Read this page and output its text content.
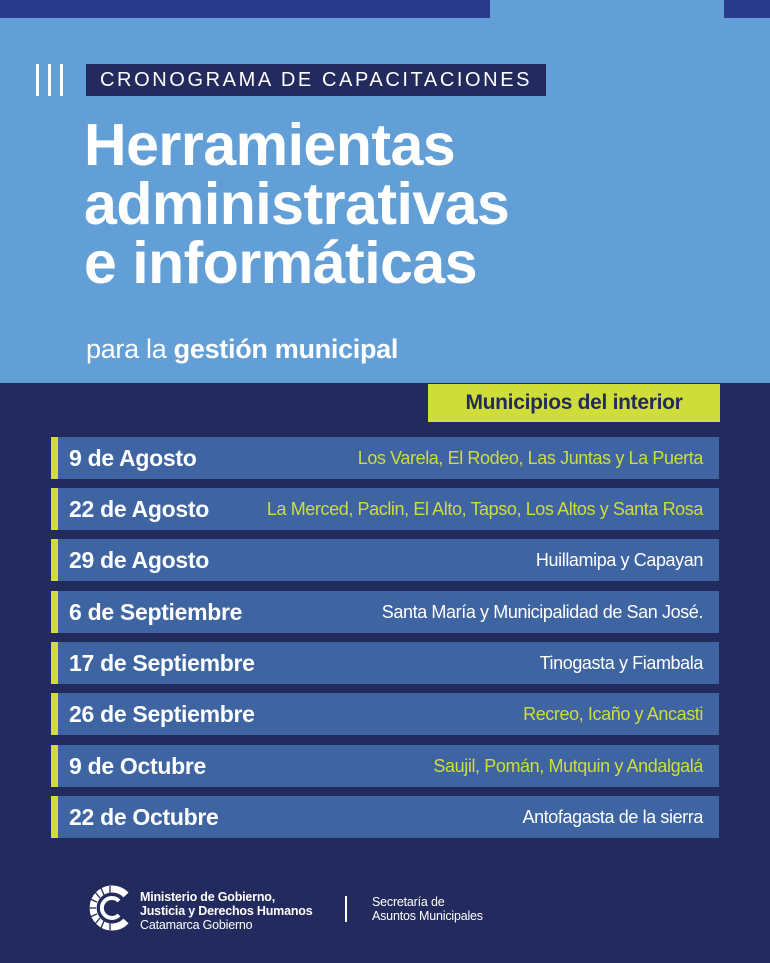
CRONOGRAMA DE CAPACITACIONES
Herramientas
administrativas
e informáticas
para la gestión municipal
Municipios del interior
9 de Agosto	Los Varela, El Rodeo, Las Juntas y La Puerta
22 de Agosto	La Merced, Paclin, El Alto, Tapso, Los Altos y Santa Rosa
29 de Agosto	Huillamipa y Capayan
6 de Septiembre	Santa María y Municipalidad de San José.
17 de Septiembre	Tinogasta y Fiambala
26 de Septiembre	Recreo, Icaño y Ancasti
9 de Octubre	Saujil, Pomán, Mutquin y Andalgalá
22 de Octubre	Antofagasta de la sierra
Ministerio de Gobierno,
Justicia y Derechos Humanos
Catamarca Gobierno
Secretaría de
Asuntos Municipales
